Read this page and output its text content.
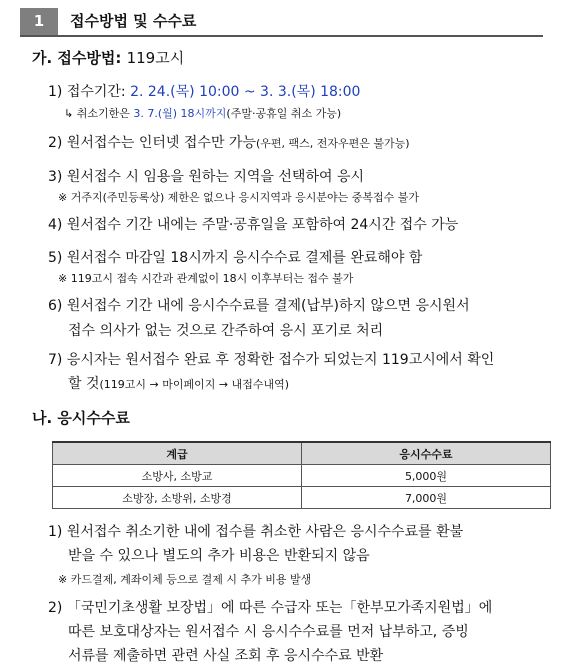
1	접수방법 및 수수료
가. 접수방법: 119고시
1) 접수기간: 2. 24.(목) 10:00 ~ 3. 3.(목) 18:00
↳ 취소기한은 3. 7.(월) 18시까지(주말·공휴일 취소 가능)
2) 원서접수는 인터넷 접수만 가능(우편, 팩스, 전자우편은 불가능)
3) 원서접수 시 임용을 원하는 지역을 선택하여 응시
※ 거주지(주민등록상) 제한은 없으나 응시지역과 응시분야는 중복접수 불가
4) 원서접수 기간 내에는 주말·공휴일을 포함하여 24시간 접수 가능
5) 원서접수 마감일 18시까지 응시수수료 결제를 완료해야 함
※ 119고시 접속 시간과 관계없이 18시 이후부터는 접수 불가
6) 원서접수 기간 내에 응시수수료를 결제(납부)하지 않으면 응시원서
접수 의사가 없는 것으로 간주하여 응시 포기로 처리
7) 응시자는 원서접수 완료 후 정확한 접수가 되었는지 119고시에서 확인
할 것(119고시 → 마이페이지 → 내접수내역)
나. 응시수수료
계급	응시수수료
소방사, 소방교	5,000원
소방장, 소방위, 소방경	7,000원
1) 원서접수 취소기한 내에 접수를 취소한 사람은 응시수수료를 환불
받을 수 있으나 별도의 추가 비용은 반환되지 않음
※ 카드결제, 계좌이체 등으로 결제 시 추가 비용 발생
2) 「국민기초생활 보장법」에 따른 수급자 또는「한부모가족지원법」에
따른 보호대상자는 원서접수 시 응시수수료를 먼저 납부하고, 증빙
서류를 제출하면 관련 사실 조회 후 응시수수료 반환
